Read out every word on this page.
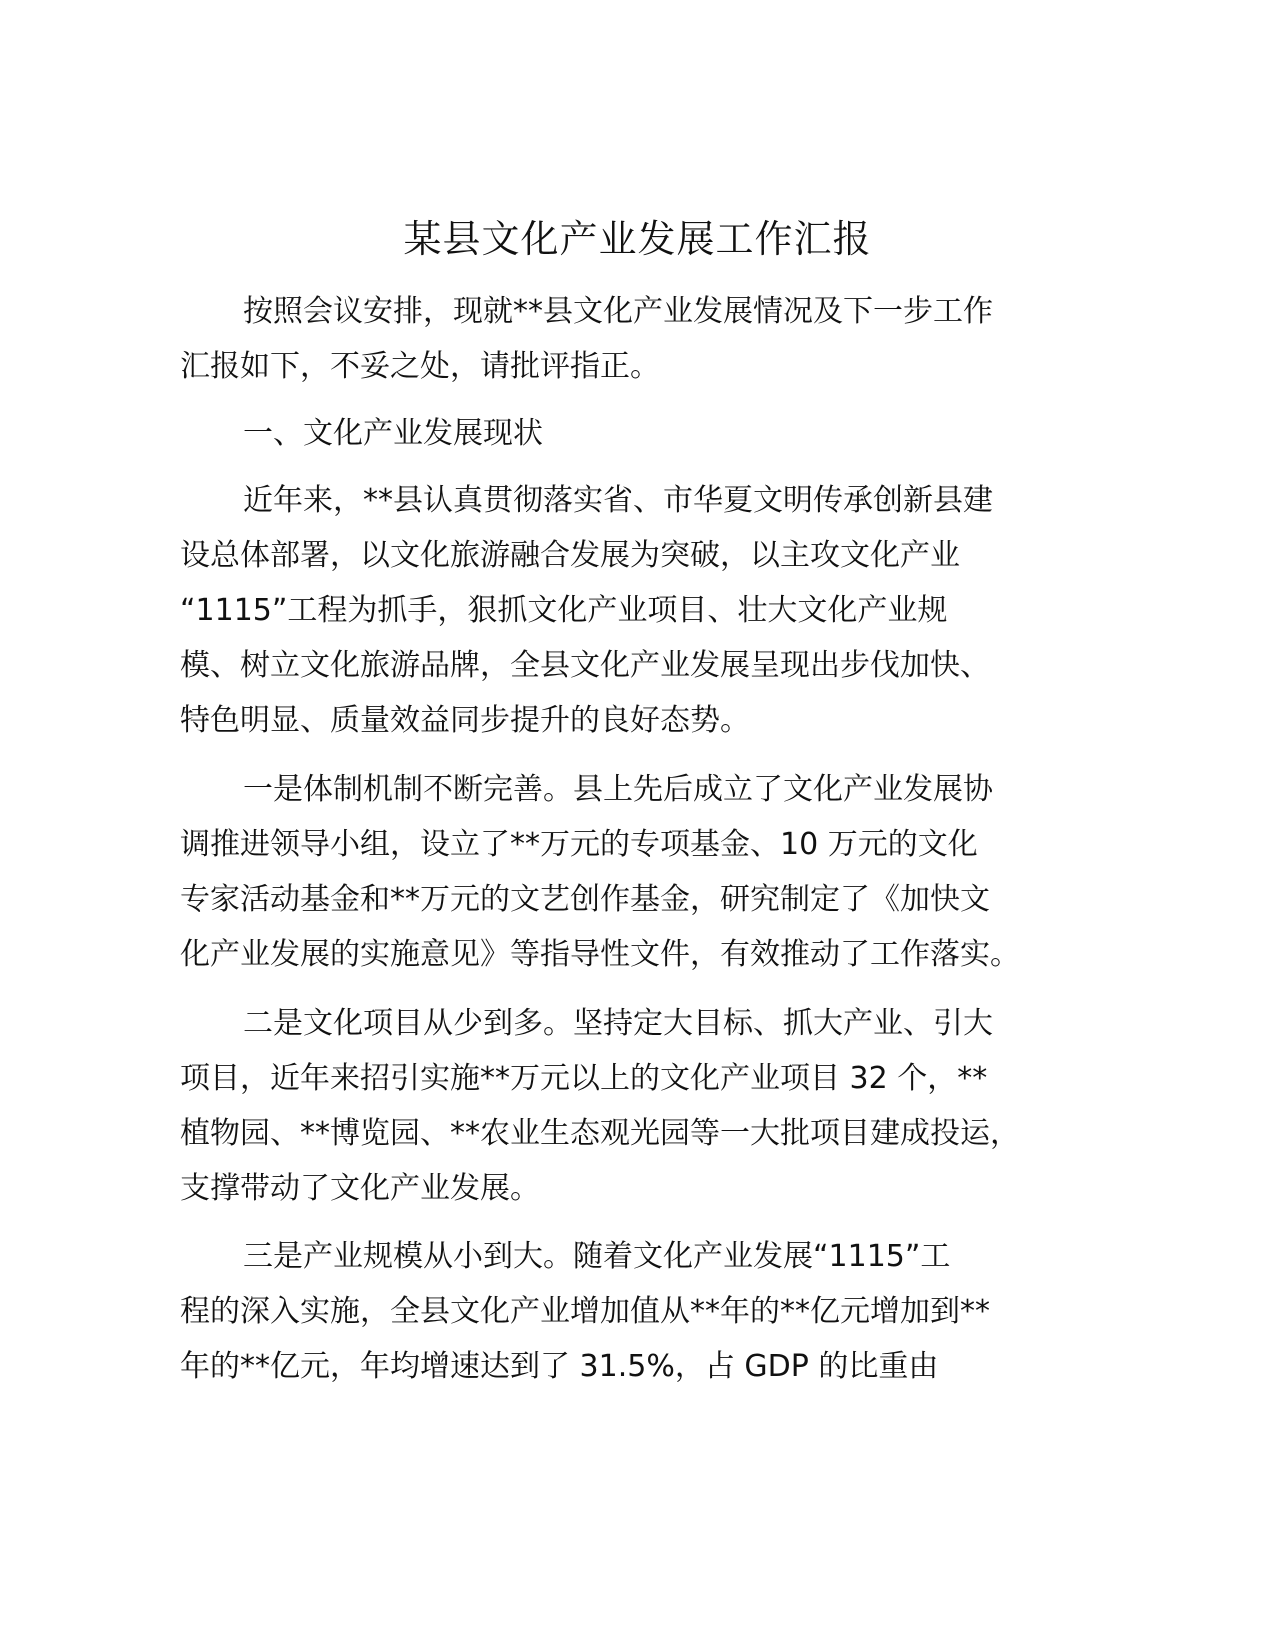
某县文化产业发展工作汇报

按照会议安排，现就**县文化产业发展情况及下一步工作
汇报如下，不妥之处，请批评指正。

一、文化产业发展现状

近年来，**县认真贯彻落实省、市华夏文明传承创新县建
设总体部署，以文化旅游融合发展为突破，以主攻文化产业
“1115”工程为抓手，狠抓文化产业项目、壮大文化产业规
模、树立文化旅游品牌，全县文化产业发展呈现出步伐加快、
特色明显、质量效益同步提升的良好态势。

一是体制机制不断完善。县上先后成立了文化产业发展协
调推进领导小组，设立了**万元的专项基金、10 万元的文化
专家活动基金和**万元的文艺创作基金，研究制定了《加快文
化产业发展的实施意见》等指导性文件，有效推动了工作落实。

二是文化项目从少到多。坚持定大目标、抓大产业、引大
项目，近年来招引实施**万元以上的文化产业项目 32 个，**
植物园、**博览园、**农业生态观光园等一大批项目建成投运，
支撑带动了文化产业发展。

三是产业规模从小到大。随着文化产业发展“1115”工
程的深入实施，全县文化产业增加值从**年的**亿元增加到**
年的**亿元，年均增速达到了 31.5%，占 GDP 的比重由
